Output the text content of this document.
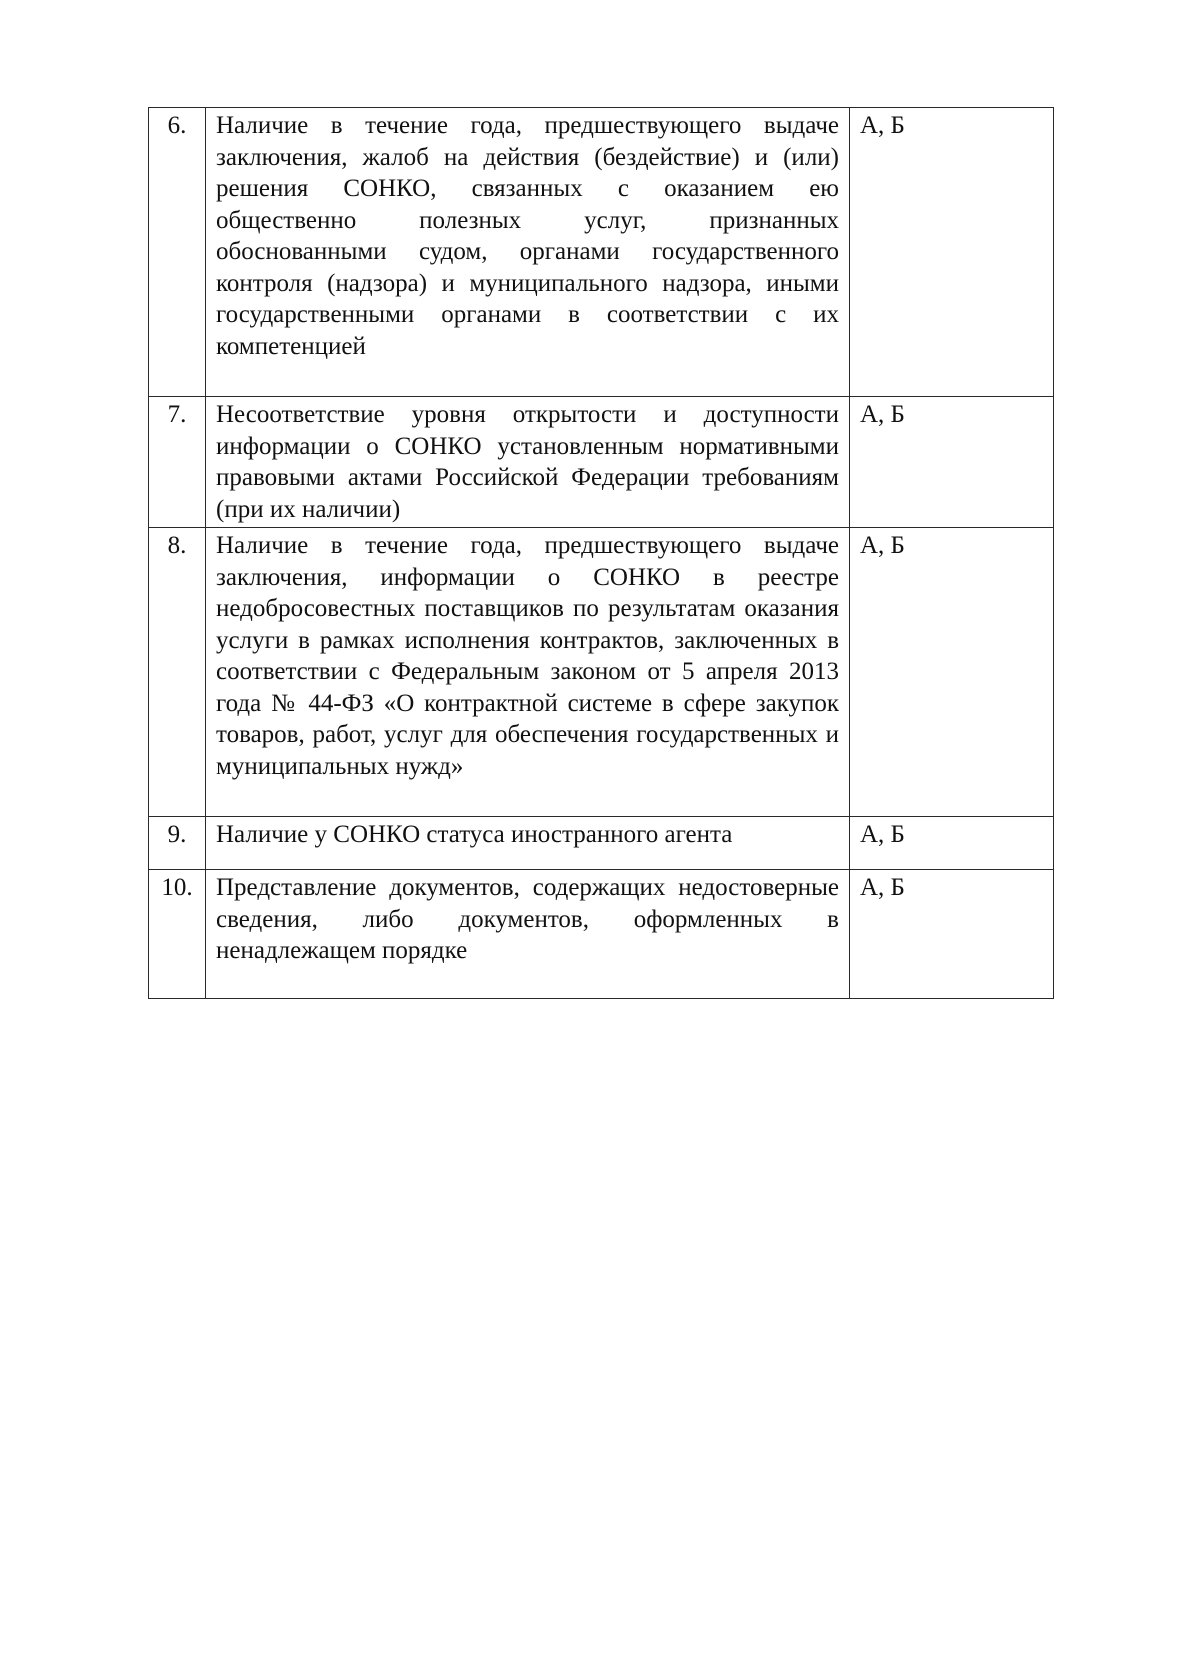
6.	Наличие в течение года, предшествующего выдаче заключения, жалоб на действия (бездействие) и (или) решения СОНКО, связанных с оказанием ею общественно полезных услуг, признанных обоснованными судом, органами государственного контроля (надзора) и муниципального надзора, иными государственными органами в соответствии с их компетенцией	А, Б
7.	Несоответствие уровня открытости и доступности информации о СОНКО установленным нормативными правовыми актами Российской Федерации требованиям (при их наличии)	А, Б
8.	Наличие в течение года, предшествующего выдаче заключения, информации о СОНКО в реестре недобросовестных поставщиков по результатам оказания услуги в рамках исполнения контрактов, заключенных в соответствии с Федеральным законом от 5 апреля 2013 года № 44-ФЗ «О контрактной системе в сфере закупок товаров, работ, услуг для обеспечения государственных и муниципальных нужд»	А, Б
9.	Наличие у СОНКО статуса иностранного агента	А, Б
10.	Представление документов, содержащих недостоверные сведения, либо документов, оформленных в ненадлежащем порядке	А, Б
